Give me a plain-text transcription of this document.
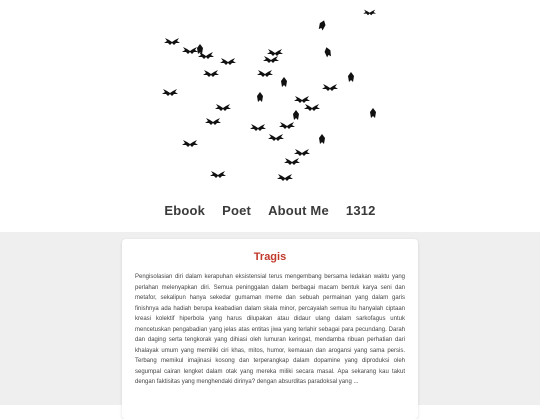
Ebook Poet About Me 1312
Tragis

Pengisolasian diri dalam kerapuhan eksistensial terus mengembang bersama ledakan waktu yang perlahan melenyapkan diri. Semua peninggalan dalam berbagai macam bentuk karya seni dan metafor, sekalipun hanya sekedar gumaman meme dan sebuah permainan yang dalam garis finishnya ada hadiah berupa keabadian dalam skala minor, percayalah semua itu hanyalah ciptaan kreasi kolektif hiperbola yang harus dilupakan atau didaur ulang dalam sarkofagus untuk mencetuskan pengabadian yang jelas atas entitas jiwa yang terlahir sebagai para pecundang. Darah dan daging serta tengkorak yang dihiasi oleh lumuran keringat, mendamba ribuan perhatian dari khalayak umum yang memiliki ciri khas, mitos, humor, kemauan dan arogansi yang sama persis. Terbang memikul imajinasi kosong dan terperangkap dalam dopamine yang diproduksi oleh segumpal cairan lengket dalam otak yang mereka miliki secara masal. Apa sekarang kau takut dengan faktisitas yang menghendaki dirinya? dengan absurditas paradoksal yang ...
